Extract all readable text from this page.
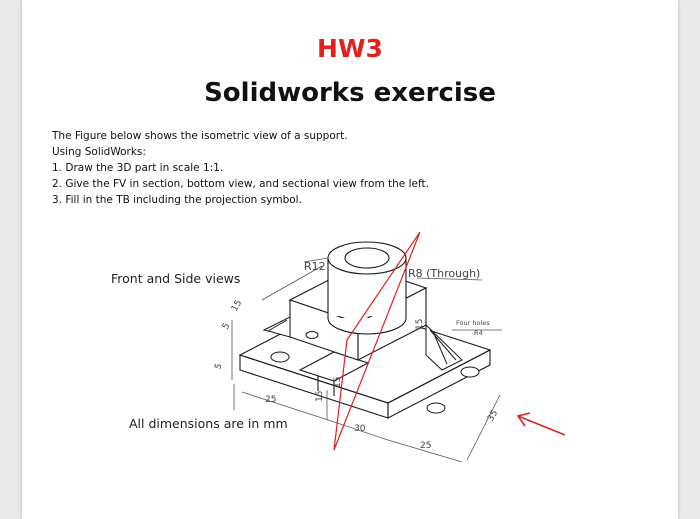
HW3
Solidworks exercise
The Figure below shows the isometric view of a support.
Using SolidWorks:
1. Draw the 3D part in scale 1:1.
2. Give the FV in section, bottom view, and sectional view from the left.
3. Fill in the TB including the projection symbol.
R12
R8 (Through)
Four holes
R4
15
5
5
15
15
15
25
30
25
35
Front and Side views
All dimensions are in mm
